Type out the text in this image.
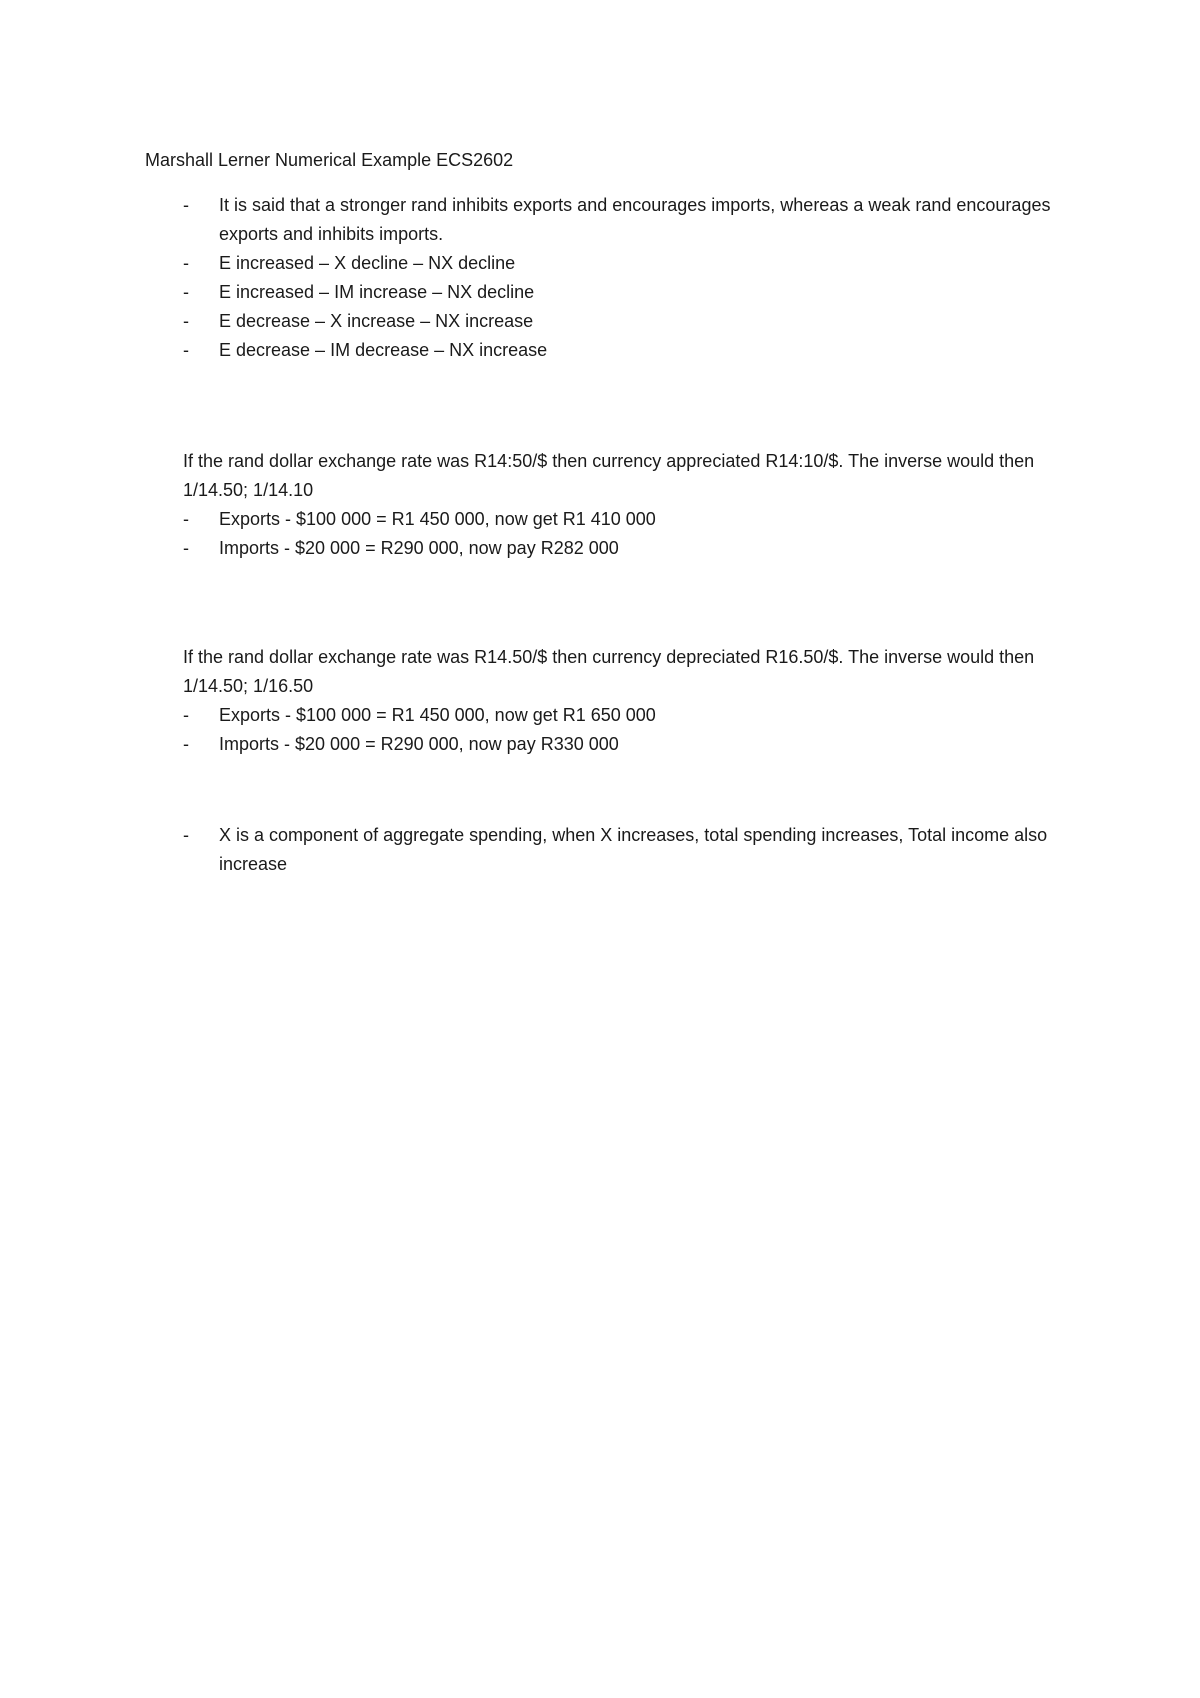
Marshall Lerner Numerical Example ECS2602
- It is said that a stronger rand inhibits exports and encourages imports, whereas a weak rand encourages exports and inhibits imports.
- E increased – X decline – NX decline
- E increased – IM increase – NX decline
- E decrease – X increase – NX increase
- E decrease – IM decrease – NX increase

If the rand dollar exchange rate was R14:50/$ then currency appreciated R14:10/$. The inverse would then 1/14.50; 1/14.10

- Exports - $100 000 = R1 450 000, now get R1 410 000
- Imports - $20 000 = R290 000, now pay R282 000

If the rand dollar exchange rate was R14.50/$ then currency depreciated R16.50/$. The inverse would then 1/14.50; 1/16.50

- Exports - $100 000 = R1 450 000, now get R1 650 000
- Imports - $20 000 = R290 000, now pay R330 000
- X is a component of aggregate spending, when X increases, total spending increases, Total income also increase
